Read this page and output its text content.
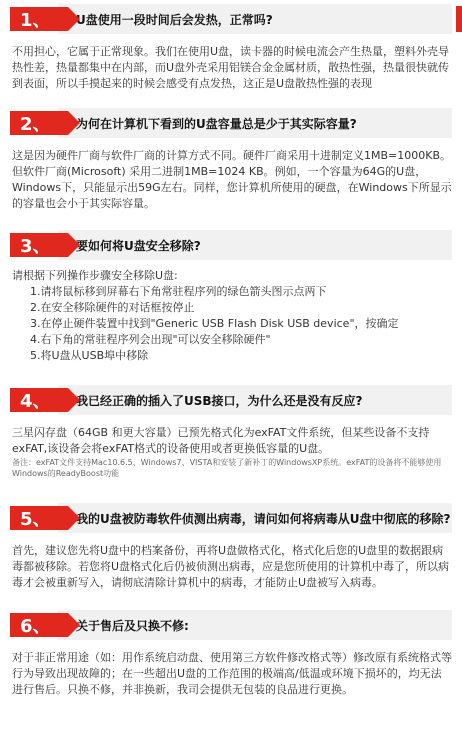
U盘使用一段时间后会发热，正常吗?
1、

不用担心，它属于正常现象。我们在使用U盘，读卡器的时候电流会产生热量，塑料外壳导热性差，热量都集中在内部，而U盘外壳采用铝镁合金金属材质，散热性强，热量很快就传到表面，所以手摸起来的时候会感受有点发热，这正是U盘散热性强的表现

为何在计算机下看到的U盘容量总是少于其实际容量?
2、

这是因为硬件厂商与软件厂商的计算方式不同。硬件厂商采用十进制定义1MB=1000KB。但软件厂商(Microsoft) 采用二进制1MB=1024 KB。例如，一个容量为64G的U盘，Windows下，只能显示出59G左右。同样，您计算机所使用的硬盘，在Windows下所显示的容量也会小于其实际容量。

要如何将U盘安全移除?
3、

请根据下列操作步骤安全移除U盘:

1.请将鼠标移到屏幕右下角常驻程序列的绿色箭头图示点两下
2.在安全移除硬件的对话框按停止
3.在停止硬件装置中找到"Generic USB Flash Disk USB device"，按确定
4.右下角的常驻程序列会出现"可以安全移除硬件"
5.将U盘从USB埠中移除
我已经正确的插入了USB接口，为什么还是没有反应?
4、

三星闪存盘（64GB 和更大容量）已预先格式化为exFAT文件系统，但某些设备不支持 exFAT,该设备会将exFAT格式的设备使用或者更换低容量的U盘。

备注：exFAT文件支持Mac10.6.5、Windows7、VISTA和安装了新补丁的WindowsXP系统。exFAT的设备将不能够使用Windows的ReadyBoost功能

我的U盘被防毒软件侦测出病毒，请问如何将病毒从U盘中彻底的移除?
5、

首先，建议您先将U盘中的档案备份，再将U盘做格式化，格式化后您的U盘里的数据跟病毒都被移除。若您将U盘格式化后仍被侦测出病毒，应是您所使用的计算机中毒了，所以病毒才会被重新写入，请彻底清除计算机中的病毒，才能防止U盘被写入病毒。

关于售后及只换不修:
6、

对于非正常用途（如：用作系统启动盘、使用第三方软件修改格式等）修改原有系统格式等行为导致出现故障的；在一些超出U盘的工作范围的极端高/低温或环境下损坏的，均无法进行售后。只换不修，并非换新，我司会提供无包装的良品进行更换。
